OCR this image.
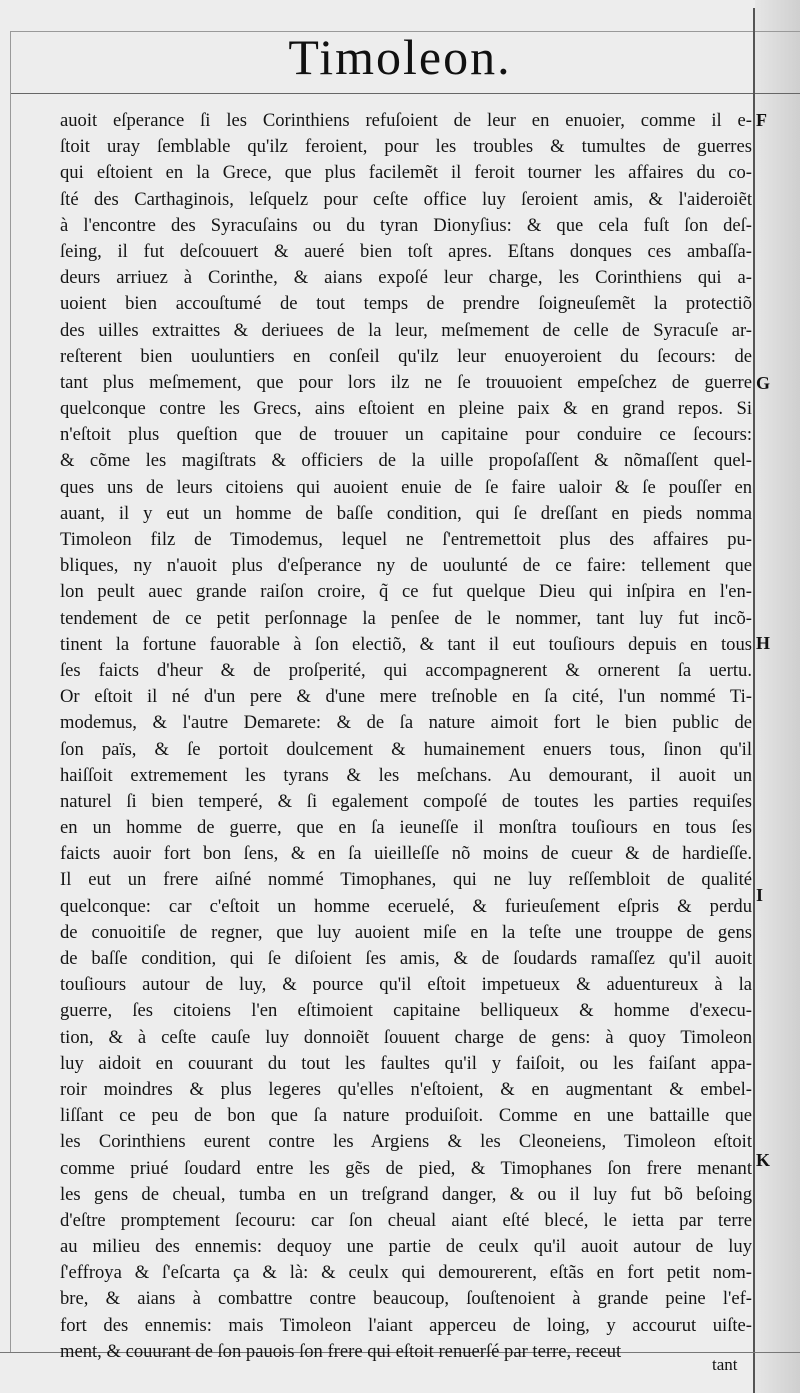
Timoleon.
auoit eſperance ſi les Corinthiens refuſoient de leur en enuoier, comme il e-
ſtoit uray ſemblable qu'ilz feroient, pour les troubles & tumultes de guerres
qui eſtoient en la Grece, que plus facilemẽt il feroit tourner les affaires du co-
ſté des Carthaginois, leſquelz pour ceſte office luy ſeroient amis, & l'aideroiẽt
à l'encontre des Syracuſains ou du tyran Dionyſius: & que cela fuſt ſon deſ-
ſeing, il fut deſcouuert & aueré bien toſt apres. Eſtans donques ces ambaſſa-
deurs arriuez à Corinthe, & aians expoſé leur charge, les Corinthiens qui a-
uoient bien accouſtumé de tout temps de prendre ſoigneuſemẽt la protectiõ
des uilles extraittes & deriuees de la leur, meſmement de celle de Syracuſe ar-
reſterent bien uouluntiers en conſeil qu'ilz leur enuoyeroient du ſecours: de
tant plus meſmement, que pour lors ilz ne ſe trouuoient empeſchez de guerre
quelconque contre les Grecs, ains eſtoient en pleine paix & en grand repos. Si
n'eſtoit plus queſtion que de trouuer un capitaine pour conduire ce ſecours:
& cõme les magiſtrats & officiers de la uille propoſaſſent & nõmaſſent quel-
ques uns de leurs citoiens qui auoient enuie de ſe faire ualoir & ſe pouſſer en
auant, il y eut un homme de baſſe condition, qui ſe dreſſant en pieds nomma
Timoleon filz de Timodemus, lequel ne ſ'entremettoit plus des affaires pu-
bliques, ny n'auoit plus d'eſperance ny de uoulunté de ce faire: tellement que
lon peult auec grande raiſon croire, q̃ ce fut quelque Dieu qui inſpira en l'en-
tendement de ce petit perſonnage la penſee de le nommer, tant luy fut incõ-
tinent la fortune fauorable à ſon electiõ, & tant il eut touſiours depuis en tous
ſes faicts d'heur & de proſperité, qui accompagnerent & ornerent ſa uertu.
Or eſtoit il né d'un pere & d'une mere treſnoble en ſa cité, l'un nommé Ti-
modemus, & l'autre Demarete: & de ſa nature aimoit fort le bien public de
ſon païs, & ſe portoit doulcement & humainement enuers tous, ſinon qu'il
haiſſoit extremement les tyrans & les meſchans. Au demourant, il auoit un
naturel ſi bien temperé, & ſi egalement compoſé de toutes les parties requiſes
en un homme de guerre, que en ſa ieuneſſe il monſtra touſiours en tous ſes
faicts auoir fort bon ſens, & en ſa uieilleſſe nõ moins de cueur & de hardieſſe.
Il eut un frere aiſné nommé Timophanes, qui ne luy reſſembloit de qualité
quelconque: car c'eſtoit un homme eceruelé, & furieuſement eſpris & perdu
de conuoitiſe de regner, que luy auoient miſe en la teſte une trouppe de gens
de baſſe condition, qui ſe diſoient ſes amis, & de ſoudards ramaſſez qu'il auoit
touſiours autour de luy, & pource qu'il eſtoit impetueux & aduentureux à la
guerre, ſes citoiens l'en eſtimoient capitaine belliqueux & homme d'execu-
tion, & à ceſte cauſe luy donnoiẽt ſouuent charge de gens: à quoy Timoleon
luy aidoit en couurant du tout les faultes qu'il y faiſoit, ou les faiſant appa-
roir moindres & plus legeres qu'elles n'eſtoient, & en augmentant & embel-
liſſant ce peu de bon que ſa nature produiſoit. Comme en une battaille que
les Corinthiens eurent contre les Argiens & les Cleoneiens, Timoleon eſtoit
comme priué ſoudard entre les gẽs de pied, & Timophanes ſon frere menant
les gens de cheual, tumba en un treſgrand danger, & ou il luy fut bõ beſoing
d'eſtre promptement ſecouru: car ſon cheual aiant eſté blecé, le ietta par terre
au milieu des ennemis: dequoy une partie de ceulx qu'il auoit autour de luy
ſ'effroya & ſ'eſcarta ça & là: & ceulx qui demourerent, eſtãs en fort petit nom-
bre, & aians à combattre contre beaucoup, ſouſtenoient à grande peine l'ef-
fort des ennemis: mais Timoleon l'aiant apperceu de loing, y accourut uiſte-
ment, & couurant de ſon pauois ſon frere qui eſtoit renuerſé par terre, receut
F
G
H
I
K
tant
